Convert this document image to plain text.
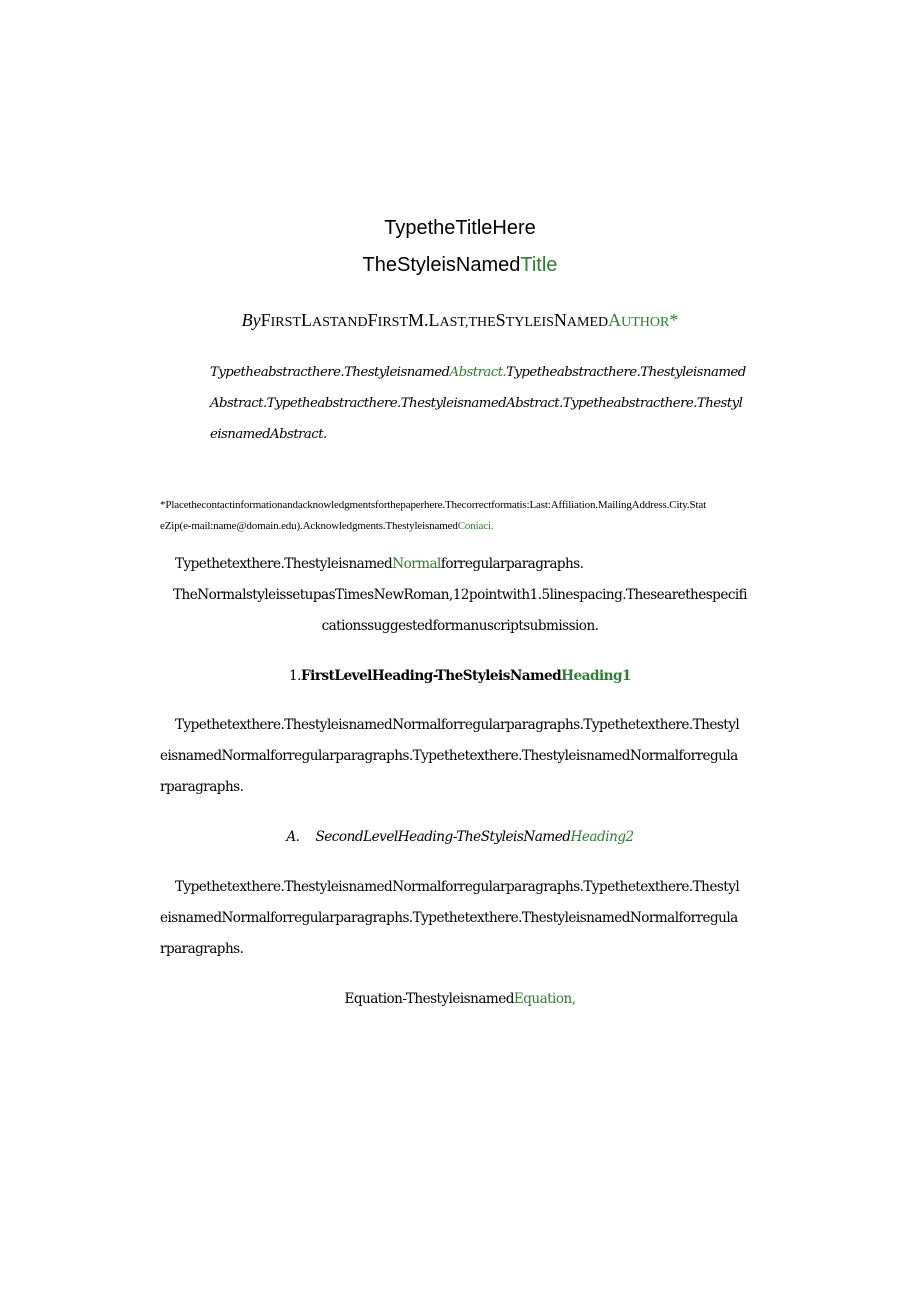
TypetheTitleHere
TheStyleisNamedTitle
ByFIRSTLASTANDFIRSTM.LAST,THESTYLEISNAMEDAUTHOR*
Typetheabstracthere.ThestyleisnamedAbstract.Typetheabstracthere.Thestyleisnamed
Abstract.Typetheabstracthere.ThestyleisnamedAbstract.Typetheabstracthere.Thestyl
eisnamedAbstract.
*Placethecontactinformationandacknowledgmentsforthepaperhere.Thecorrectformatis:Last:Affiliation.MailingAddress.City.Stat
eZip(e-mail:name@domain.edu).Acknowledgments.ThestyleisnamedConiaci.
Typethetexthere.ThestyleisnamedNormalforregularparagraphs.
TheNormalstyleissetupasTimesNewRoman,12pointwith1.5linespacing.Thesearethespecifi
cationssuggestedformanuscriptsubmission.
1.FirstLevelHeading-TheStyleisNamedHeading1
Typethetexthere.ThestyleisnamedNormalforregularparagraphs.Typethetexthere.Thestyl
eisnamedNormalforregularparagraphs.Typethetexthere.ThestyleisnamedNormalforregula
rparagraphs.
A. SecondLevelHeading-TheStyleisNamedHeading2
Typethetexthere.ThestyleisnamedNormalforregularparagraphs.Typethetexthere.Thestyl
eisnamedNormalforregularparagraphs.Typethetexthere.ThestyleisnamedNormalforregula
rparagraphs.
Equation-ThestyleisnamedEquation,
